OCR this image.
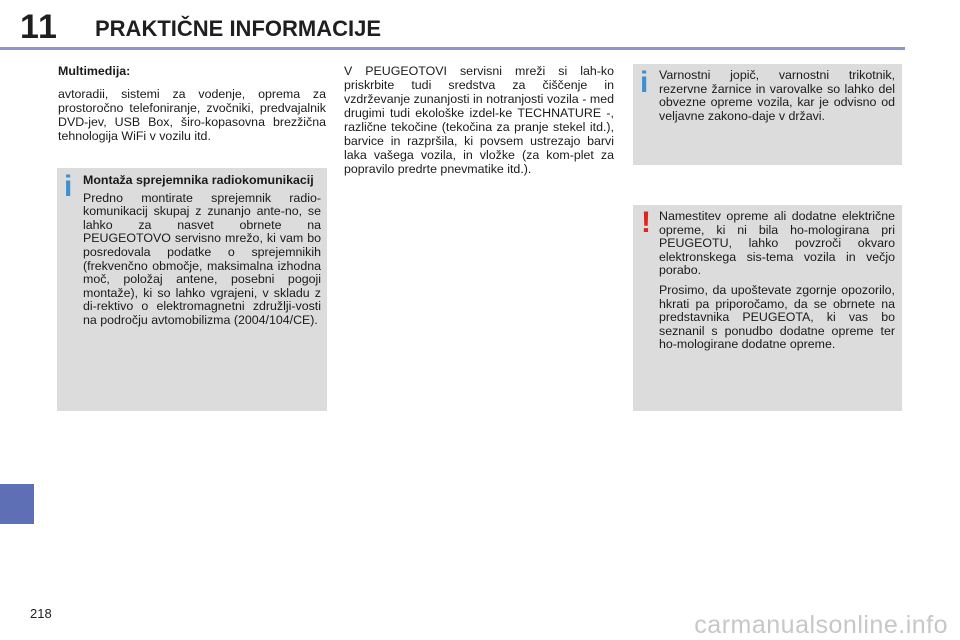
11 PRAKTIČNE INFORMACIJE

Multimedija:

avtoradii, sistemi za vodenje, oprema za prostoročno telefoniranje, zvočniki, predvajalnik DVD-jev, USB Box, širo-kopasovna brezžična tehnologija WiFi v vozilu itd.

i Montaža sprejemnika radiokomunikacij

Predno montirate sprejemnik radio-komunikacij skupaj z zunanjo ante-no, se lahko za nasvet obrnete na PEUGEOTOVO servisno mrežo, ki vam bo posredovala podatke o sprejemnikih (frekvenčno območje, maksimalna izhodna moč, položaj antene, posebni pogoji montaže), ki so lahko vgrajeni, v skladu z di-rektivo o elektromagnetni združlji-vosti na področju avtomobilizma (2004/104/CE).

V PEUGEOTOVI servisni mreži si lah-ko priskrbite tudi sredstva za čiščenje in vzdrževanje zunanjosti in notranjosti vozila - med drugimi tudi ekološke izdel-ke TECHNATURE -, različne tekočine (tekočina za pranje stekel itd.), barvice in razpršila, ki povsem ustrezajo barvi laka vašega vozila, in vložke (za kom-plet za popravilo predrte pnevmatike itd.).

i Varnostni jopič, varnostni trikotnik, rezervne žarnice in varovalke so lahko del obvezne opreme vozila, kar je odvisno od veljavne zakono-daje v državi.

! Namestitev opreme ali dodatne električne opreme, ki ni bila ho-mologirana pri PEUGEOTU, lahko povzroči okvaro elektronskega sis-tema vozila in večjo porabo.

Prosimo, da upoštevate zgornje opozorilo, hkrati pa priporočamo, da se obrnete na predstavnika PEUGEOTA, ki vas bo seznanil s ponudbo dodatne opreme ter ho-mologirane dodatne opreme.

218	carmanualsonline.info
